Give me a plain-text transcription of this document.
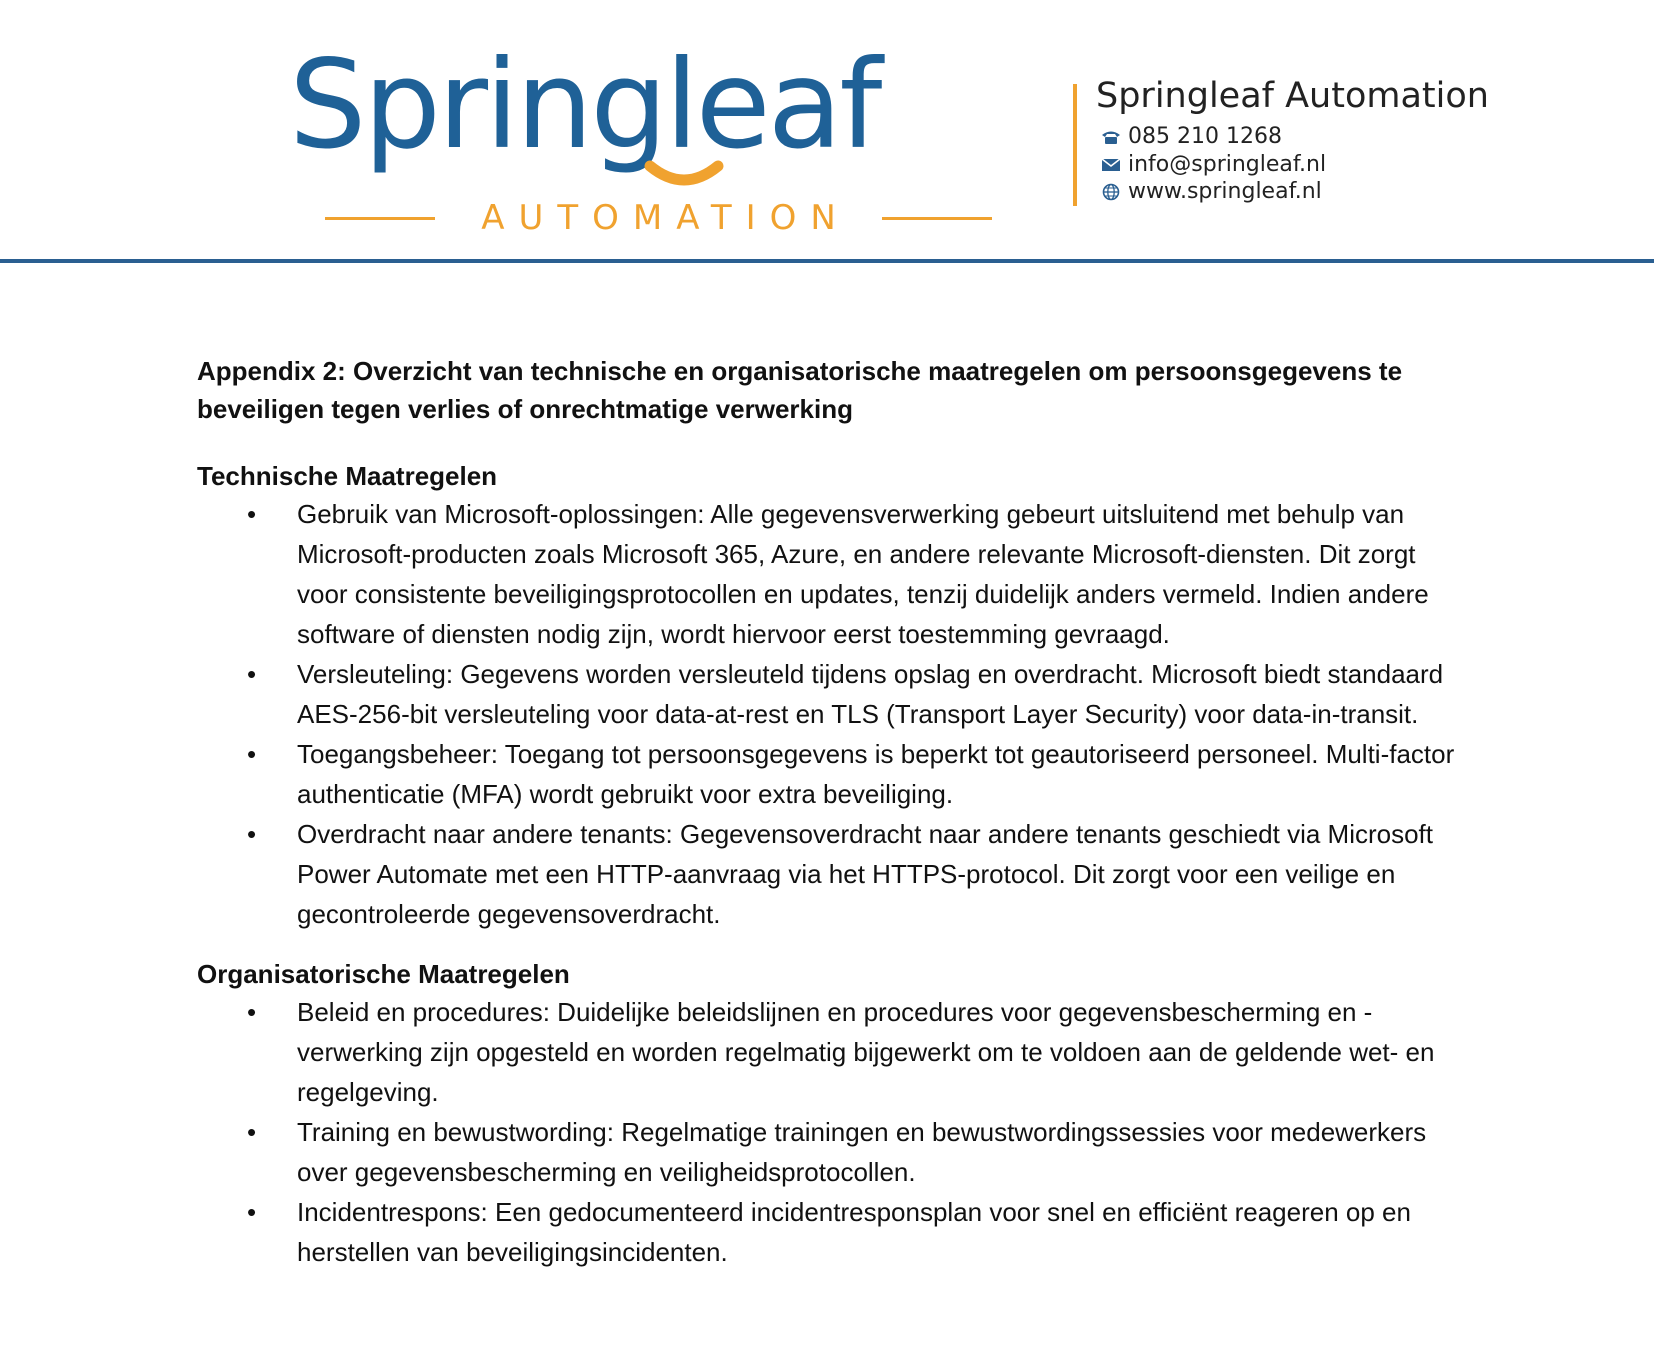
Springleaf
AUTOMATION
Springleaf Automation
085 210 1268
info@springleaf.nl
www.springleaf.nl

Appendix 2: Overzicht van technische en organisatorische maatregelen om persoonsgegevens te beveiligen tegen verlies of onrechtmatige verwerking

Technische Maatregelen

• Gebruik van Microsoft-oplossingen: Alle gegevensverwerking gebeurt uitsluitend met behulp van Microsoft-producten zoals Microsoft 365, Azure, en andere relevante Microsoft-diensten. Dit zorgt voor consistente beveiligingsprotocollen en updates, tenzij duidelijk anders vermeld. Indien andere software of diensten nodig zijn, wordt hiervoor eerst toestemming gevraagd.
• Versleuteling: Gegevens worden versleuteld tijdens opslag en overdracht. Microsoft biedt standaard AES-256-bit versleuteling voor data-at-rest en TLS (Transport Layer Security) voor data-in-transit.
• Toegangsbeheer: Toegang tot persoonsgegevens is beperkt tot geautoriseerd personeel. Multi-factor authenticatie (MFA) wordt gebruikt voor extra beveiliging.
• Overdracht naar andere tenants: Gegevensoverdracht naar andere tenants geschiedt via Microsoft Power Automate met een HTTP-aanvraag via het HTTPS-protocol. Dit zorgt voor een veilige en gecontroleerde gegevensoverdracht.

Organisatorische Maatregelen

• Beleid en procedures: Duidelijke beleidslijnen en procedures voor gegevensbescherming en -verwerking zijn opgesteld en worden regelmatig bijgewerkt om te voldoen aan de geldende wet- en regelgeving.
• Training en bewustwording: Regelmatige trainingen en bewustwordingssessies voor medewerkers over gegevensbescherming en veiligheidsprotocollen.
• Incidentrespons: Een gedocumenteerd incidentresponsplan voor snel en efficiënt reageren op en herstellen van beveiligingsincidenten.
